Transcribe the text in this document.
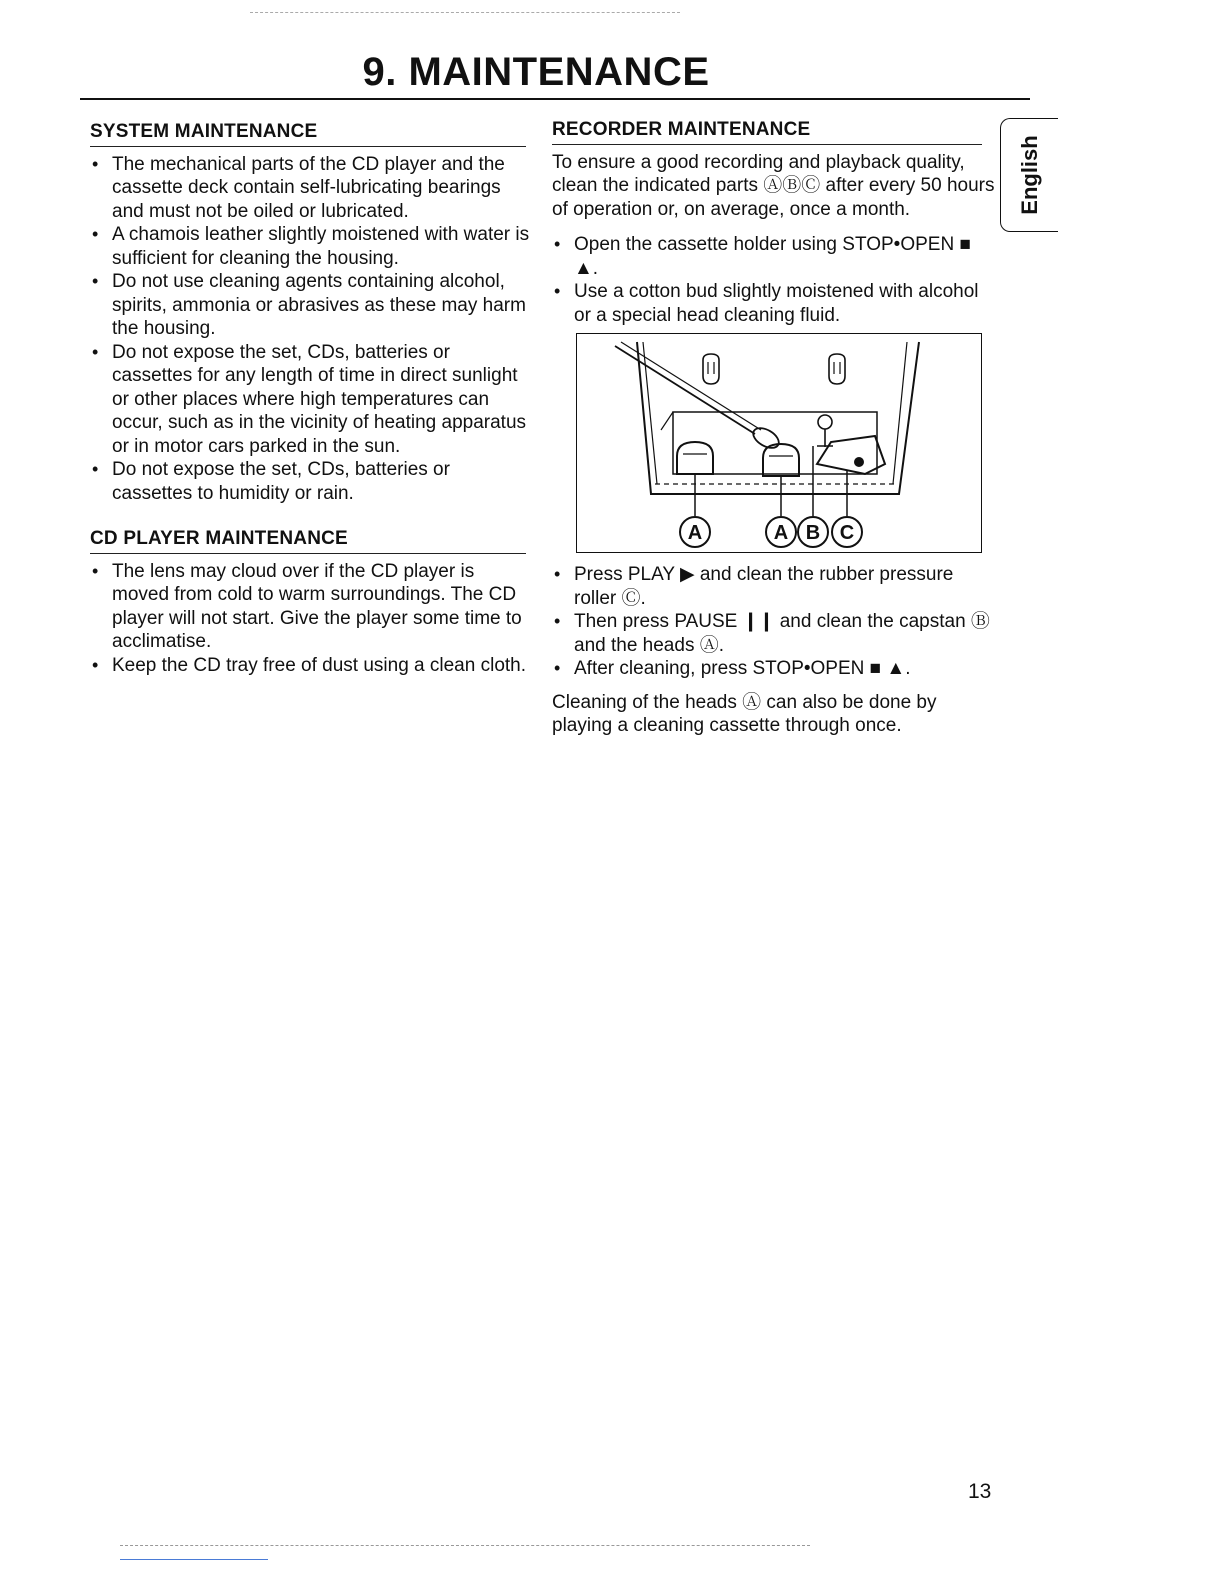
9. MAINTENANCE
SYSTEM MAINTENANCE
• The mechanical parts of the CD player and the cassette deck contain self-lubricating bearings and must not be oiled or lubricated.
• A chamois leather slightly moistened with water is sufficient for cleaning the housing.
• Do not use cleaning agents containing alcohol, spirits, ammonia or abrasives as these may harm the housing.
• Do not expose the set, CDs, batteries or cassettes for any length of time in direct sunlight or other places where high temperatures can occur, such as in the vicinity of heating apparatus or in motor cars parked in the sun.
• Do not expose the set, CDs, batteries or cassettes to humidity or rain.
CD PLAYER MAINTENANCE
• The lens may cloud over if the CD player is moved from cold to warm surroundings. The CD player will not start. Give the player some time to acclimatise.
• Keep the CD tray free of dust using a clean cloth.
RECORDER MAINTENANCE

To ensure a good recording and playback quality, clean the indicated parts ⒶⒷⒸ after every 50 hours of operation or, on average, once a month.

• Open the cassette holder using STOP•OPEN ■ ▲.
• Use a cotton bud slightly moistened with alcohol or a special head cleaning fluid.
A	A B C
• Press PLAY ▶ and clean the rubber pressure roller Ⓒ.
• Then press PAUSE ❙❙ and clean the capstan Ⓑ and the heads Ⓐ.
• After cleaning, press STOP•OPEN ■ ▲.

Cleaning of the heads Ⓐ can also be done by playing a cleaning cassette through once.

English
13
